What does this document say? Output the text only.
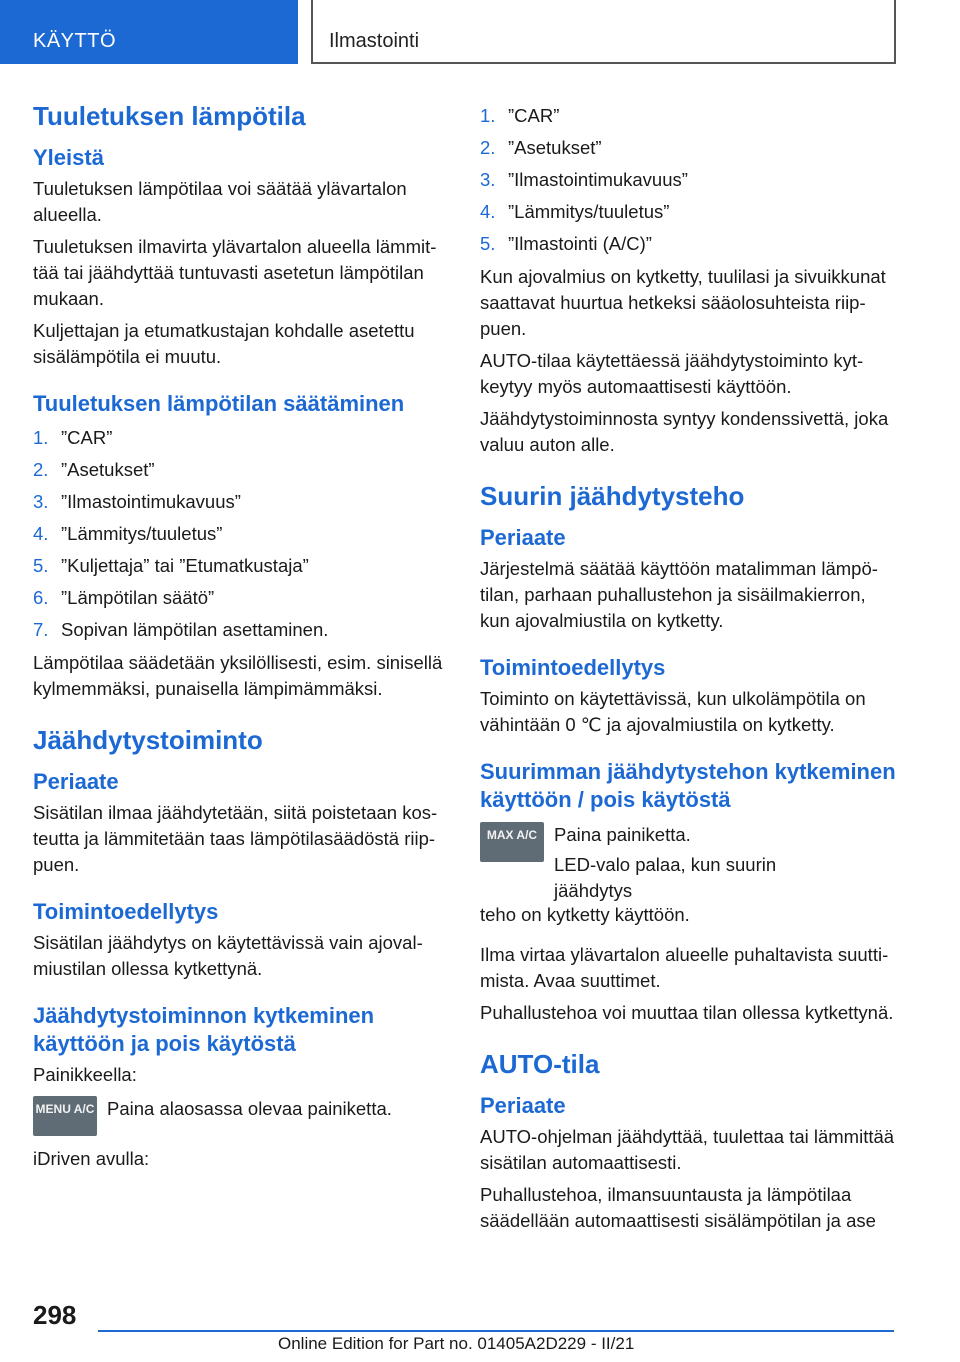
KÄYTTÖ	Ilmastointi
Tuuletuksen lämpötila
Yleistä

Tuuletuksen lämpötilaa voi säätää ylävartalon alueella.

Tuuletuksen ilmavirta ylävartalon alueella lämmittää tai jäähdyttää tuntuvasti asetetun lämpötilan mukaan.

Kuljettajan ja etumatkustajan kohdalle asetettu sisälämpötila ei muutu.

Tuuletuksen lämpötilan säätäminen
1. ”CAR”
2. ”Asetukset”
3. ”Ilmastointimukavuus”
4. ”Lämmitys/tuuletus”
5. ”Kuljettaja” tai ”Etumatkustaja”
6. ”Lämpötilan säätö”
7. Sopivan lämpötilan asettaminen.

Lämpötilaa säädetään yksilöllisesti, esim. sinisellä kylmemmäksi, punaisella lämpimämmäksi.

Jäähdytystoiminto
Periaate

Sisätilan ilmaa jäähdytetään, siitä poistetaan kosteutta ja lämmitetään taas lämpötilasäädöstä riippuen.

Toimintoedellytys

Sisätilan jäähdytys on käytettävissä vain ajovalmiustilan ollessa kytkettynä.

Jäähdytystoiminnon kytkeminen käyttöön ja pois käytöstä

Painikkeella:

MENU A/C Paina alaosassa olevaa painiketta.

iDriven avulla:

1. ”CAR”
2. ”Asetukset”
3. ”Ilmastointimukavuus”
4. ”Lämmitys/tuuletus”
5. ”Ilmastointi (A/C)”

Kun ajovalmius on kytketty, tuulilasi ja sivuikkunat saattavat huurtua hetkeksi sääolosuhteista riippuen.

AUTO-tilaa käytettäessä jäähdytystoiminto kytkeytyy myös automaattisesti käyttöön.

Jäähdytystoiminnosta syntyy kondenssivettä, joka valuu auton alle.

Suurin jäähdytysteho
Periaate

Järjestelmä säätää käyttöön matalimman lämpötilan, parhaan puhallustehon ja sisäilmakierron, kun ajovalmiustila on kytketty.

Toimintoedellytys

Toiminto on käytettävissä, kun ulkolämpötila on vähintään 0 ℃ ja ajovalmiustila on kytketty.

Suurimman jäähdytystehon kytkeminen käyttöön / pois käytöstä
MAX A/C Paina painiketta.

LED-valo palaa, kun suurin jäähdytys

teho on kytketty käyttöön.

Ilma virtaa ylävartalon alueelle puhaltavista suuttimista. Avaa suuttimet.

Puhallustehoa voi muuttaa tilan ollessa kytkettynä.

AUTO-tila
Periaate

AUTO-ohjelman jäähdyttää, tuulettaa tai lämmittää sisätilan automaattisesti.

Puhallustehoa, ilmansuuntausta ja lämpötilaa säädellään automaattisesti sisälämpötilan ja ase

298
Online Edition for Part no. 01405A2D229 - II/21
